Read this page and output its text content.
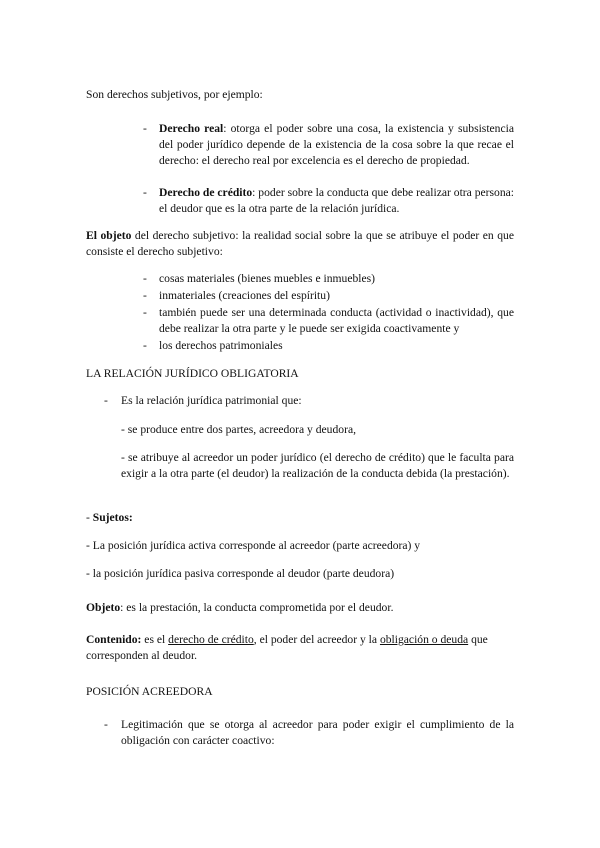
Son derechos subjetivos, por ejemplo:
- Derecho real: otorga el poder sobre una cosa, la existencia y subsistencia del poder jurídico depende de la existencia de la cosa sobre la que recae el derecho: el derecho real por excelencia es el derecho de propiedad.
- Derecho de crédito: poder sobre la conducta que debe realizar otra persona: el deudor que es la otra parte de la relación jurídica.
El objeto del derecho subjetivo: la realidad social sobre la que se atribuye el poder en que consiste el derecho subjetivo:
- cosas materiales (bienes muebles e inmuebles)
- inmateriales (creaciones del espíritu)
- también puede ser una determinada conducta (actividad o inactividad), que debe realizar la otra parte y le puede ser exigida coactivamente y
- los derechos patrimoniales
LA RELACIÓN JURÍDICO OBLIGATORIA
- Es la relación jurídica patrimonial que:
- se produce entre dos partes, acreedora y deudora,
- se atribuye al acreedor un poder jurídico (el derecho de crédito) que le faculta para exigir a la otra parte (el deudor) la realización de la conducta debida (la prestación).
- Sujetos:
- La posición jurídica activa corresponde al acreedor (parte acreedora) y
- la posición jurídica pasiva corresponde al deudor (parte deudora)
Objeto: es la prestación, la conducta comprometida por el deudor.
Contenido: es el derecho de crédito, el poder del acreedor y la obligación o deuda que corresponden al deudor.
POSICIÓN ACREEDORA
- Legitimación que se otorga al acreedor para poder exigir el cumplimiento de la obligación con carácter coactivo:
